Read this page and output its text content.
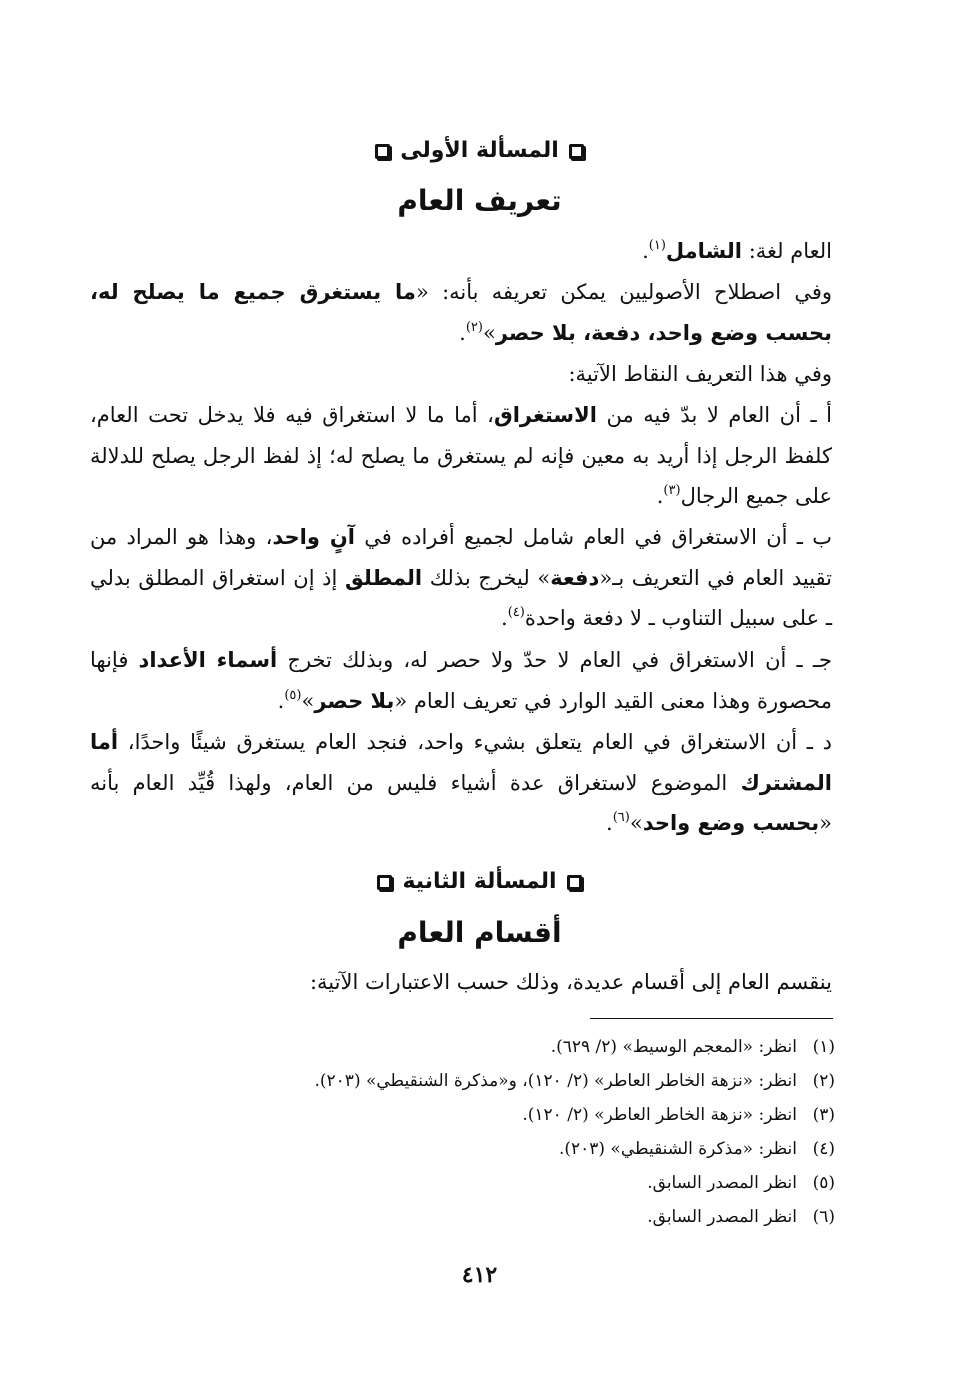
المسألة الأولى
تعريف العام
العام لغة: الشامل$^{(١)}$.
وفي اصطلاح الأصوليين يمكن تعريفه بأنه: «ما يستغرق جميع ما يصلح له، بحسب وضع واحد، دفعة، بلا حصر»$^{(٢)}$.
وفي هذا التعريف النقاط الآتية:
أ ـ أن العام لا بدّ فيه من الاستغراق، أما ما لا استغراق فيه فلا يدخل تحت العام، كلفظ الرجل إذا أريد به معين فإنه لم يستغرق ما يصلح له؛ إذ لفظ الرجل يصلح للدلالة على جميع الرجال$^{(٣)}$.
ب ـ أن الاستغراق في العام شامل لجميع أفراده في آنٍ واحد، وهذا هو المراد من تقييد العام في التعريف بـ«دفعة» ليخرج بذلك المطلق إذ إن استغراق المطلق بدلي ـ على سبيل التناوب ـ لا دفعة واحدة$^{(٤)}$.
جـ ـ أن الاستغراق في العام لا حدّ ولا حصر له، وبذلك تخرج أسماء الأعداد فإنها محصورة وهذا معنى القيد الوارد في تعريف العام «بلا حصر»$^{(٥)}$.
د ـ أن الاستغراق في العام يتعلق بشيء واحد، فنجد العام يستغرق شيئًا واحدًا، أما المشترك الموضوع لاستغراق عدة أشياء فليس من العام، ولهذا قُيِّد العام بأنه «بحسب وضع واحد»$^{(٦)}$.
المسألة الثانية
أقسام العام
ينقسم العام إلى أقسام عديدة، وذلك حسب الاعتبارات الآتية:
(١)انظر: «المعجم الوسيط» (٢/ ٦٢٩).
(٢)انظر: «نزهة الخاطر العاطر» (٢/ ١٢٠)، و«مذكرة الشنقيطي» (٢٠٣).
(٣)انظر: «نزهة الخاطر العاطر» (٢/ ١٢٠).
(٤)انظر: «مذكرة الشنقيطي» (٢٠٣).
(٥)انظر المصدر السابق.
(٦)انظر المصدر السابق.
٤١٢
